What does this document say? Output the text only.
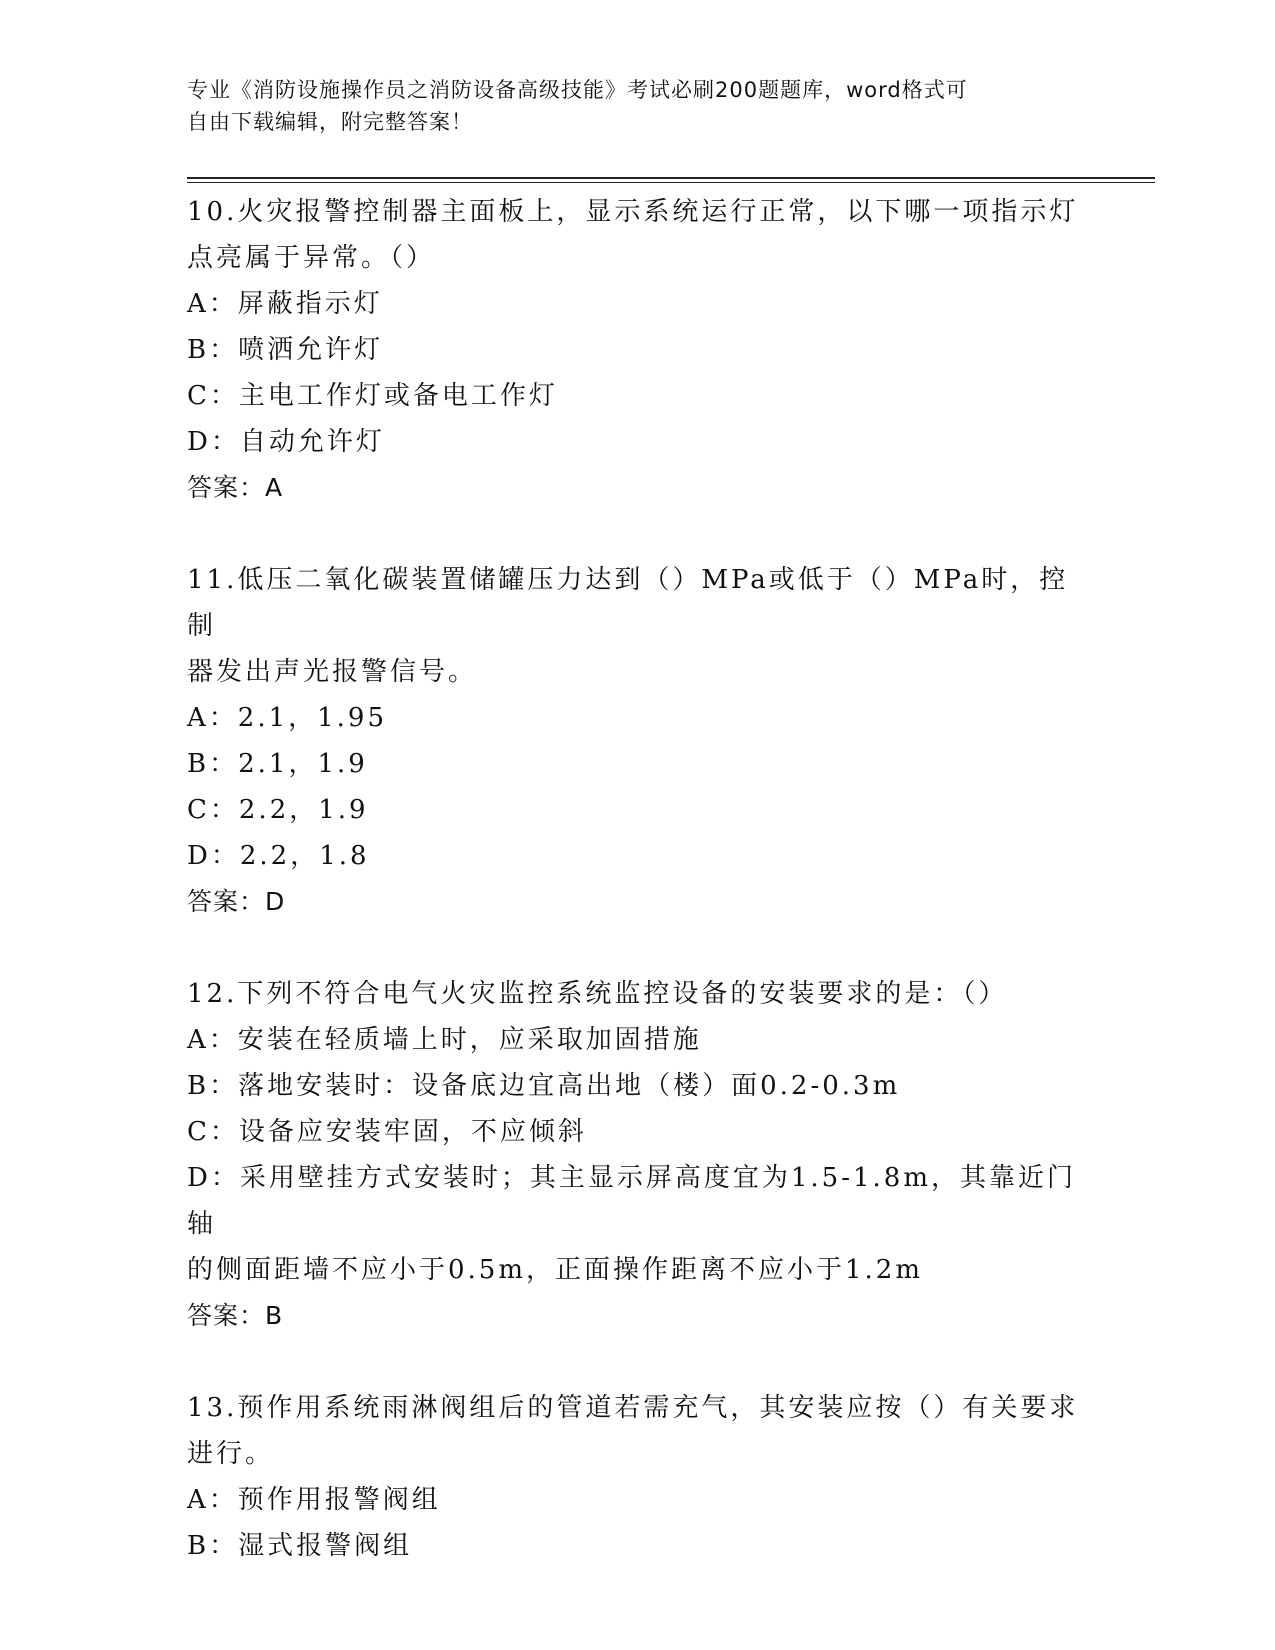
专业《消防设施操作员之消防设备高级技能》考试必刷200题题库，word格式可
自由下载编辑，附完整答案！

10.火灾报警控制器主面板上，显示系统运行正常，以下哪一项指示灯

点亮属于异常。（）

A：屏蔽指示灯

B：喷洒允许灯

C：主电工作灯或备电工作灯

D：自动允许灯

答案：A

11.低压二氧化碳装置储罐压力达到（）MPa或低于（）MPa时，控制

器发出声光报警信号。

A：2.1，1.95

B：2.1，1.9

C：2.2，1.9

D：2.2，1.8

答案：D

12.下列不符合电气火灾监控系统监控设备的安装要求的是：（）

A：安装在轻质墙上时，应采取加固措施

B：落地安装时：设备底边宜高出地（楼）面0.2-0.3m

C：设备应安装牢固，不应倾斜

D：采用壁挂方式安装时；其主显示屏高度宜为1.5-1.8m，其靠近门轴

的侧面距墙不应小于0.5m，正面操作距离不应小于1.2m

答案：B

13.预作用系统雨淋阀组后的管道若需充气，其安装应按（）有关要求

进行。

A：预作用报警阀组

B：湿式报警阀组
